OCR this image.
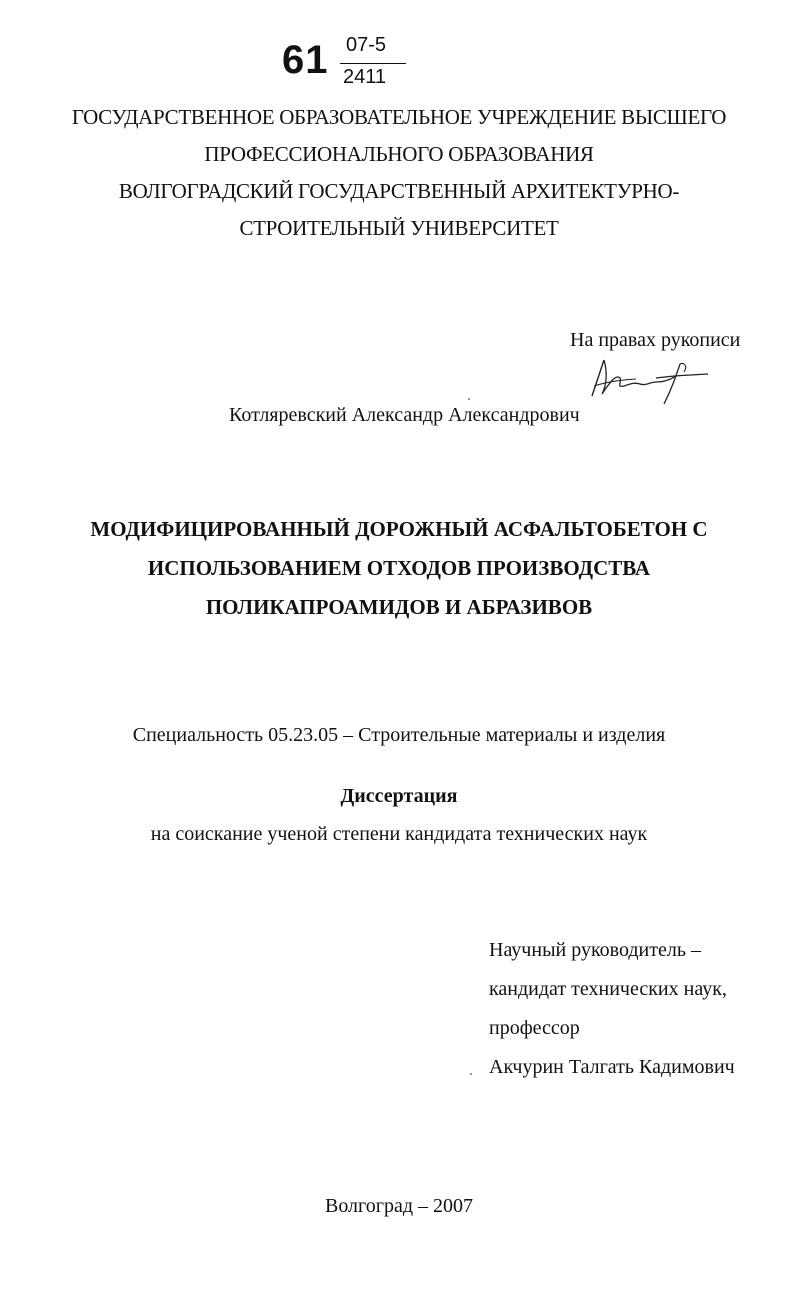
61 07-5
2411
ГОСУДАРСТВЕННОЕ ОБРАЗОВАТЕЛЬНОЕ УЧРЕЖДЕНИЕ ВЫСШЕГО
ПРОФЕССИОНАЛЬНОГО ОБРАЗОВАНИЯ
ВОЛГОГРАДСКИЙ ГОСУДАРСТВЕННЫЙ АРХИТЕКТУРНО-
СТРОИТЕЛЬНЫЙ УНИВЕРСИТЕТ
На правах рукописи
Котляревский Александр Александрович
МОДИФИЦИРОВАННЫЙ ДОРОЖНЫЙ АСФАЛЬТОБЕТОН С
ИСПОЛЬЗОВАНИЕМ ОТХОДОВ ПРОИЗВОДСТВА
ПОЛИКАПРОАМИДОВ И АБРАЗИВОВ
Специальность 05.23.05 – Строительные материалы и изделия
Диссертация
на соискание ученой степени кандидата технических наук
Научный руководитель –
кандидат технических наук,
профессор
Акчурин Талгать Кадимович
Волгоград – 2007
